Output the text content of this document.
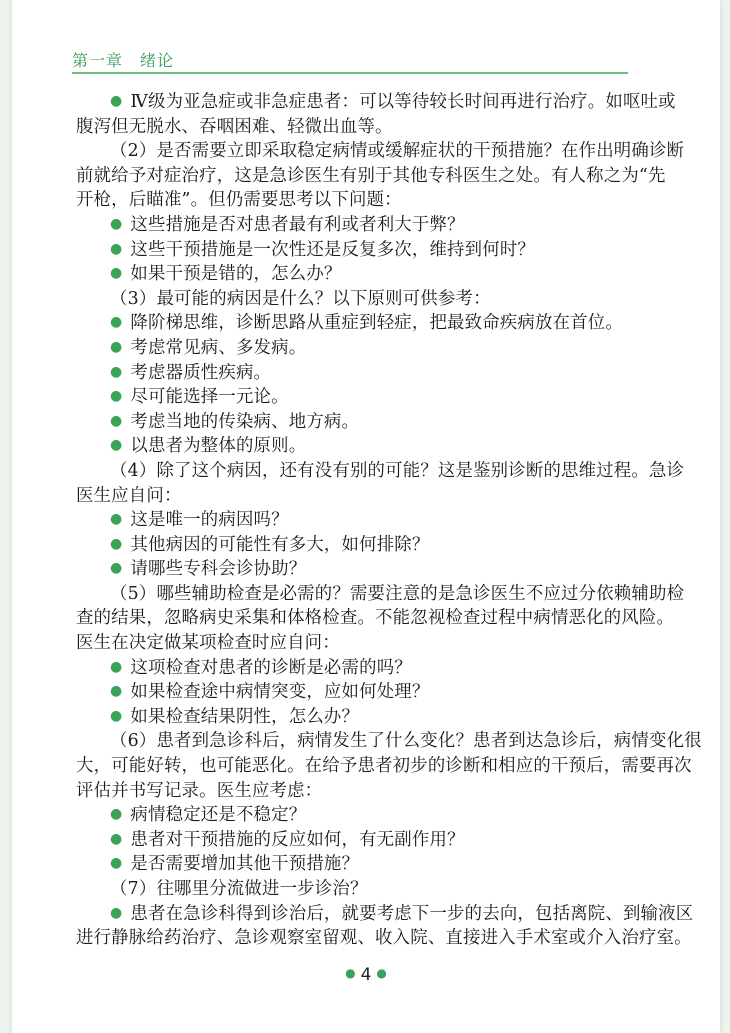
第一章　绪论
● Ⅳ级为亚急症或非急症患者：可以等待较长时间再进行治疗。如呕吐或
腹泻但无脱水、吞咽困难、轻微出血等。
（2）是否需要立即采取稳定病情或缓解症状的干预措施？在作出明确诊断
前就给予对症治疗，这是急诊医生有别于其他专科医生之处。有人称之为“先
开枪，后瞄准”。但仍需要思考以下问题：
● 这些措施是否对患者最有利或者利大于弊？
● 这些干预措施是一次性还是反复多次，维持到何时？
● 如果干预是错的，怎么办？
（3）最可能的病因是什么？以下原则可供参考：
● 降阶梯思维，诊断思路从重症到轻症，把最致命疾病放在首位。
● 考虑常见病、多发病。
● 考虑器质性疾病。
● 尽可能选择一元论。
● 考虑当地的传染病、地方病。
● 以患者为整体的原则。
（4）除了这个病因，还有没有别的可能？这是鉴别诊断的思维过程。急诊
医生应自问：
● 这是唯一的病因吗？
● 其他病因的可能性有多大，如何排除？
● 请哪些专科会诊协助？
（5）哪些辅助检查是必需的？需要注意的是急诊医生不应过分依赖辅助检
查的结果，忽略病史采集和体格检查。不能忽视检查过程中病情恶化的风险。
医生在决定做某项检查时应自问：
● 这项检查对患者的诊断是必需的吗？
● 如果检查途中病情突变，应如何处理？
● 如果检查结果阴性，怎么办？
（6）患者到急诊科后，病情发生了什么变化？患者到达急诊后，病情变化很
大，可能好转，也可能恶化。在给予患者初步的诊断和相应的干预后，需要再次
评估并书写记录。医生应考虑：
● 病情稳定还是不稳定？
● 患者对干预措施的反应如何，有无副作用？
● 是否需要增加其他干预措施？
（7）往哪里分流做进一步诊治？
● 患者在急诊科得到诊治后，就要考虑下一步的去向，包括离院、到输液区
进行静脉给药治疗、急诊观察室留观、收入院、直接进入手术室或介入治疗室。
● 4 ●
